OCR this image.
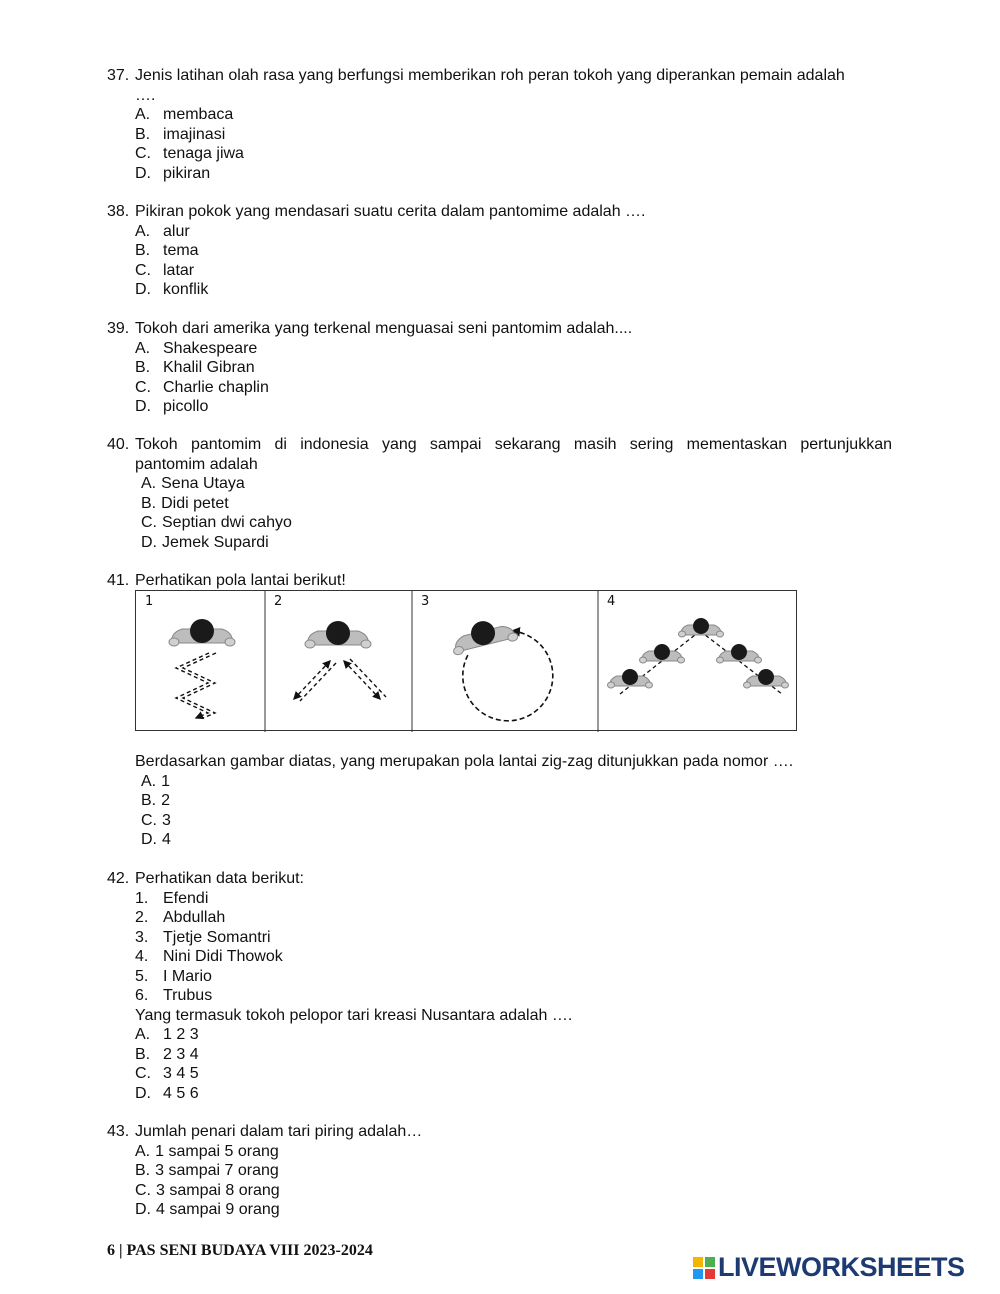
37. Jenis latihan olah rasa yang berfungsi memberikan roh peran tokoh yang diperankan pemain adalah
….
A. membaca
B. imajinasi
C. tenaga jiwa
D. pikiran
38. Pikiran pokok yang mendasari suatu cerita dalam pantomime adalah ….
A. alur
B. tema
C. latar
D. konflik
39. Tokoh dari amerika yang terkenal menguasai seni pantomim adalah....
A. Shakespeare
B. Khalil Gibran
C. Charlie chaplin
D. picollo
40. Tokoh pantomim di indonesia yang sampai sekarang masih sering mementaskan pertunjukkan
pantomim adalah
A. Sena Utaya
B. Didi petet
C. Septian dwi cahyo
D. Jemek Supardi
41. Perhatikan pola lantai berikut!
1	2	3	4
Berdasarkan gambar diatas, yang merupakan pola lantai zig-zag ditunjukkan pada nomor ….
A. 1
B. 2
C. 3
D. 4
42. Perhatikan data berikut:
1. Efendi
2. Abdullah
3. Tjetje Somantri
4. Nini Didi Thowok
5. I Mario
6. Trubus
Yang termasuk tokoh pelopor tari kreasi Nusantara adalah ….
A. 1 2 3
B. 2 3 4
C. 3 4 5
D. 4 5 6
43. Jumlah penari dalam tari piring adalah…
A. 1 sampai 5 orang
B. 3 sampai 7 orang
C. 3 sampai 8 orang
D. 4 sampai 9 orang
6 | PAS SENI BUDAYA VIII 2023-2024
LIVEWORKSHEETS
